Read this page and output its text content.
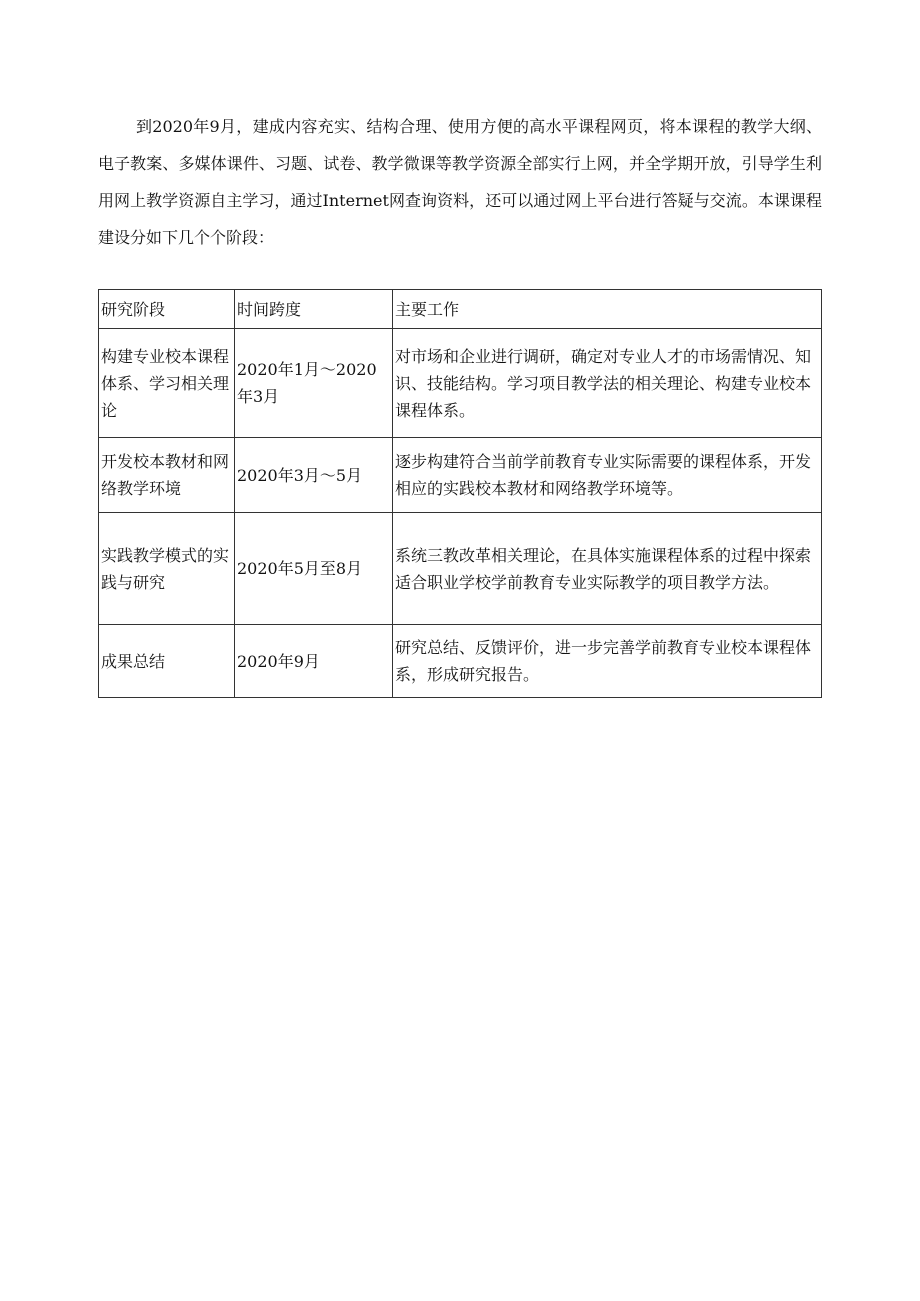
到2020年9月，建成内容充实、结构合理、使用方便的高水平课程网页，将本课程的教学大纲、电子教案、多媒体课件、习题、试卷、教学微课等教学资源全部实行上网，并全学期开放，引导学生利用网上教学资源自主学习，通过Internet网查询资料，还可以通过网上平台进行答疑与交流。本课课程建设分如下几个个阶段：

研究阶段	时间跨度	主要工作
构建专业校本课程体系、学习相关理论	2020年1月～2020年3月	对市场和企业进行调研，确定对专业人才的市场需情况、知识、技能结构。学习项目教学法的相关理论、构建专业校本课程体系。
开发校本教材和网络教学环境	2020年3月～5月	逐步构建符合当前学前教育专业实际需要的课程体系，开发相应的实践校本教材和网络教学环境等。
实践教学模式的实践与研究	2020年5月至8月	系统三教改革相关理论，在具体实施课程体系的过程中探索适合职业学校学前教育专业实际教学的项目教学方法。
成果总结	2020年9月	研究总结、反馈评价，进一步完善学前教育专业校本课程体系，形成研究报告。
